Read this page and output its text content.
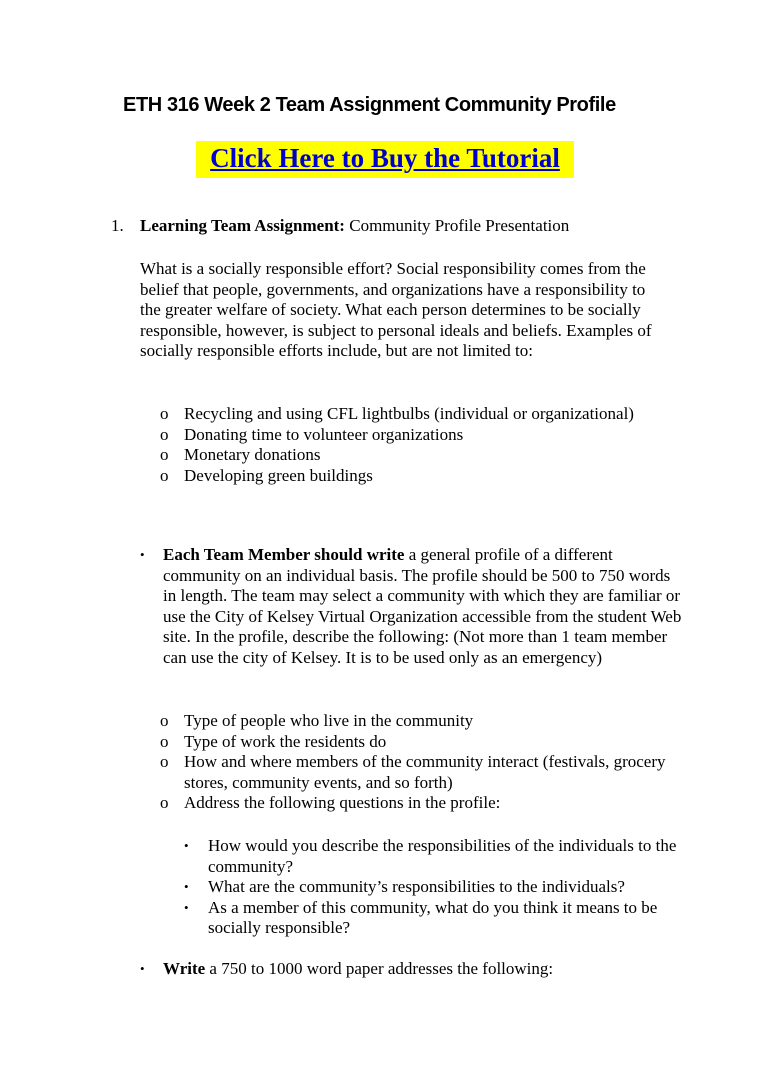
ETH 316 Week 2 Team Assignment Community Profile
Click Here to Buy the Tutorial
1. Learning Team Assignment: Community Profile Presentation

What is a socially responsible effort? Social responsibility comes from the belief that people, governments, and organizations have a responsibility to the greater welfare of society. What each person determines to be socially responsible, however, is subject to personal ideals and beliefs. Examples of socially responsible efforts include, but are not limited to:

o Recycling and using CFL lightbulbs (individual or organizational)
o Donating time to volunteer organizations
o Monetary donations
o Developing green buildings
• Each Team Member should write a general profile of a different community on an individual basis. The profile should be 500 to 750 words in length. The team may select a community with which they are familiar or use the City of Kelsey Virtual Organization accessible from the student Web site. In the profile, describe the following: (Not more than 1 team member can use the city of Kelsey. It is to be used only as an emergency)

o Type of people who live in the community
o Type of work the residents do
o How and where members of the community interact (festivals, grocery stores, community events, and so forth)
o Address the following questions in the profile:
• How would you describe the responsibilities of the individuals to the community?
• What are the community’s responsibilities to the individuals?
• As a member of this community, what do you think it means to be socially responsible?
• Write a 750 to 1000 word paper addresses the following:
